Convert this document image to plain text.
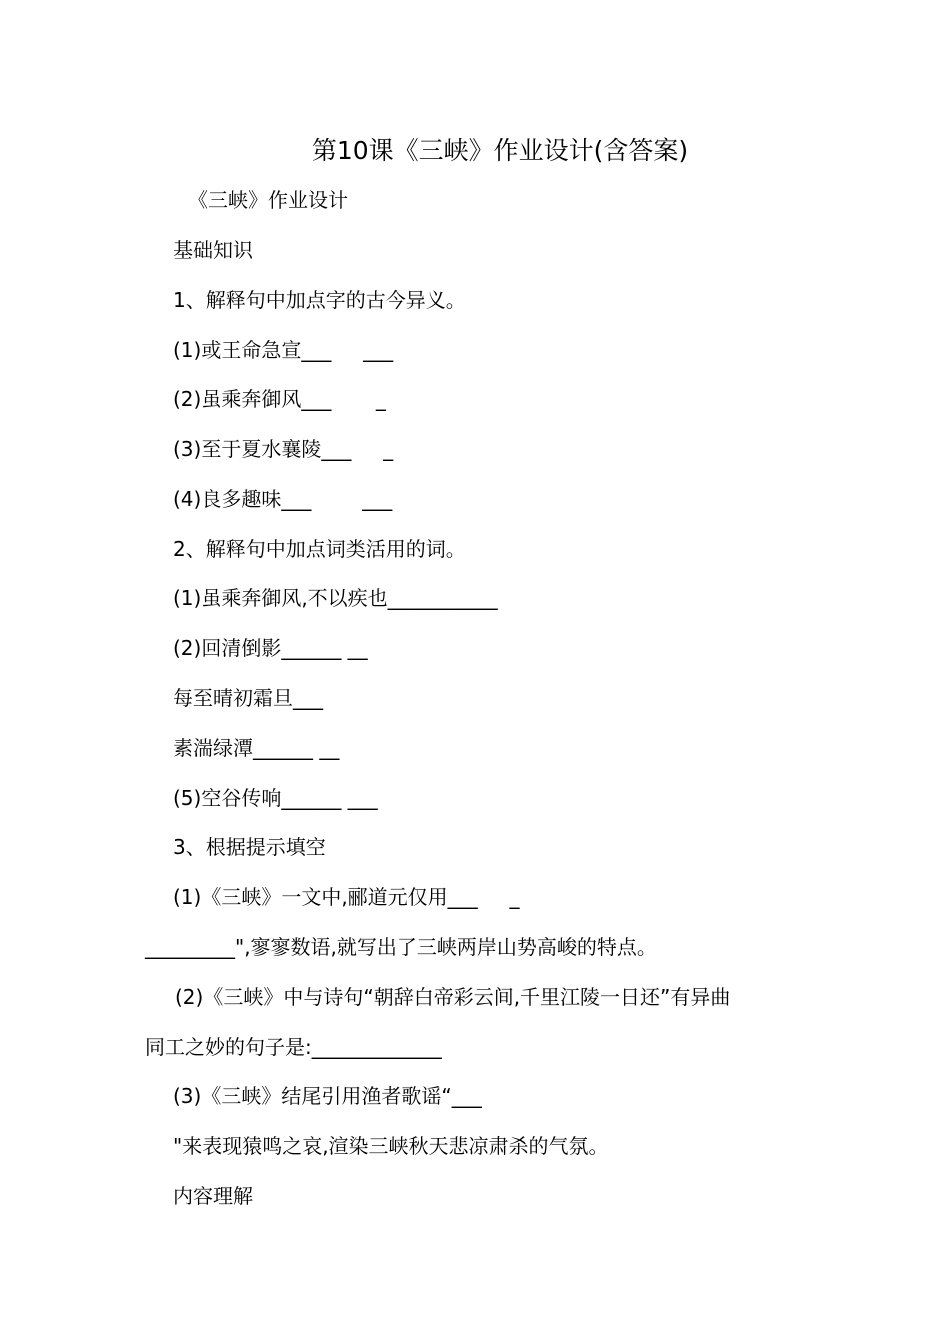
第10课《三峡》作业设计(含答案)
《三峡》作业设计
基础知识
1、解释句中加点字的古今异义。
(1)或王命急宣___     ___
(2)虽乘奔御风___       _
(3)至于夏水襄陵___     _
(4)良多趣味___        ___
2、解释句中加点词类活用的词。
(1)虽乘奔御风,不以疾也___________
(2)回清倒影______ __
每至晴初霜旦___
素湍绿潭______ __
(5)空谷传响______ ___
3、根据提示填空
(1)《三峡》一文中,郦道元仅用___     _
_________",寥寥数语,就写出了三峡两岸山势高峻的特点。
(2)《三峡》中与诗句“朝辞白帝彩云间,千里江陵一日还”有异曲
同工之妙的句子是:_____________
(3)《三峡》结尾引用渔者歌谣“___
"来表现猿鸣之哀,渲染三峡秋天悲凉肃杀的气氛。
内容理解
